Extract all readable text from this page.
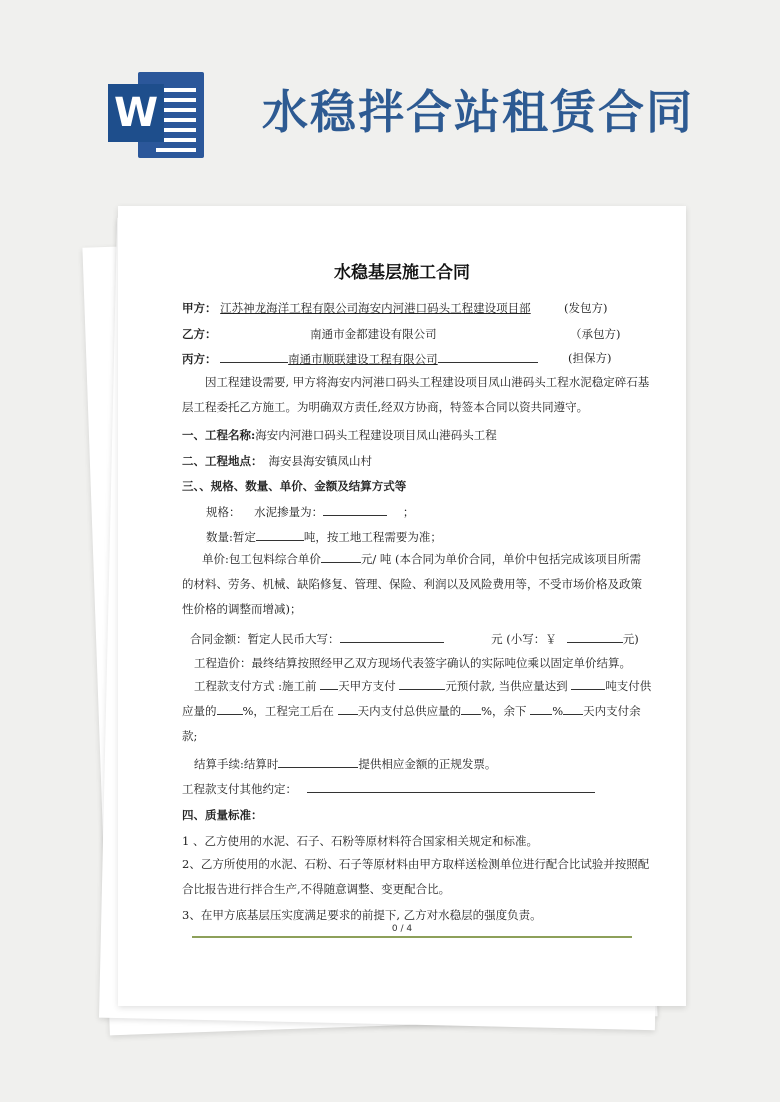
W 水稳拌合站租赁合同
水稳基层施工合同
甲方： 江苏神龙海洋工程有限公司海安内河港口码头工程建设项目部	(发包方)
乙方：	南通市金都建设有限公司	（承包方)
丙方：	南通市顺联建设工程有限公司	(担保方)
因工程建设需要, 甲方将海安内河港口码头工程建设项目凤山港码头工程水泥稳定碎石基层工程委托乙方施工。为明确双方责任,经双方协商，特签本合同以资共同遵守。
一、工程名称:海安内河港口码头工程建设项目凤山港码头工程
二、工程地点： 海安县海安镇凤山村
三、、规格、数量、单价、金额及结算方式等
规格： 水泥掺量为：	；
数量:暂定	吨，按工地工程需要为准；
单价:包工包料综合单价	元/ 吨 (本合同为单价合同，单价中包括完成该项目所需的材料、劳务、机械、缺陷修复、管理、保险、利润以及风险费用等，不受市场价格及政策性价格的调整而增减)；
合同金额：暂定人民币大写：	元 (小写：￥	元)
工程造价：最终结算按照经甲乙双方现场代表签字确认的实际吨位乘以固定单价结算。
工程款支付方式 :施工前 天甲方支付	元预付款, 当供应量达到	吨支付供应量的 %，工程完工后在 天内支付总供应量的 %，余下 % 天内支付余款;
结算手续:结算时	提供相应金额的正规发票。
工程款支付其他约定：
四、质量标准：
1 、乙方使用的水泥、石子、石粉等原材料符合国家相关规定和标准。
2、乙方所使用的水泥、石粉、石子等原材料由甲方取样送检测单位进行配合比试验并按照配合比报告进行拌合生产,不得随意调整、变更配合比。
3、在甲方底基层压实度满足要求的前提下, 乙方对水稳层的强度负责。
0 / 4
